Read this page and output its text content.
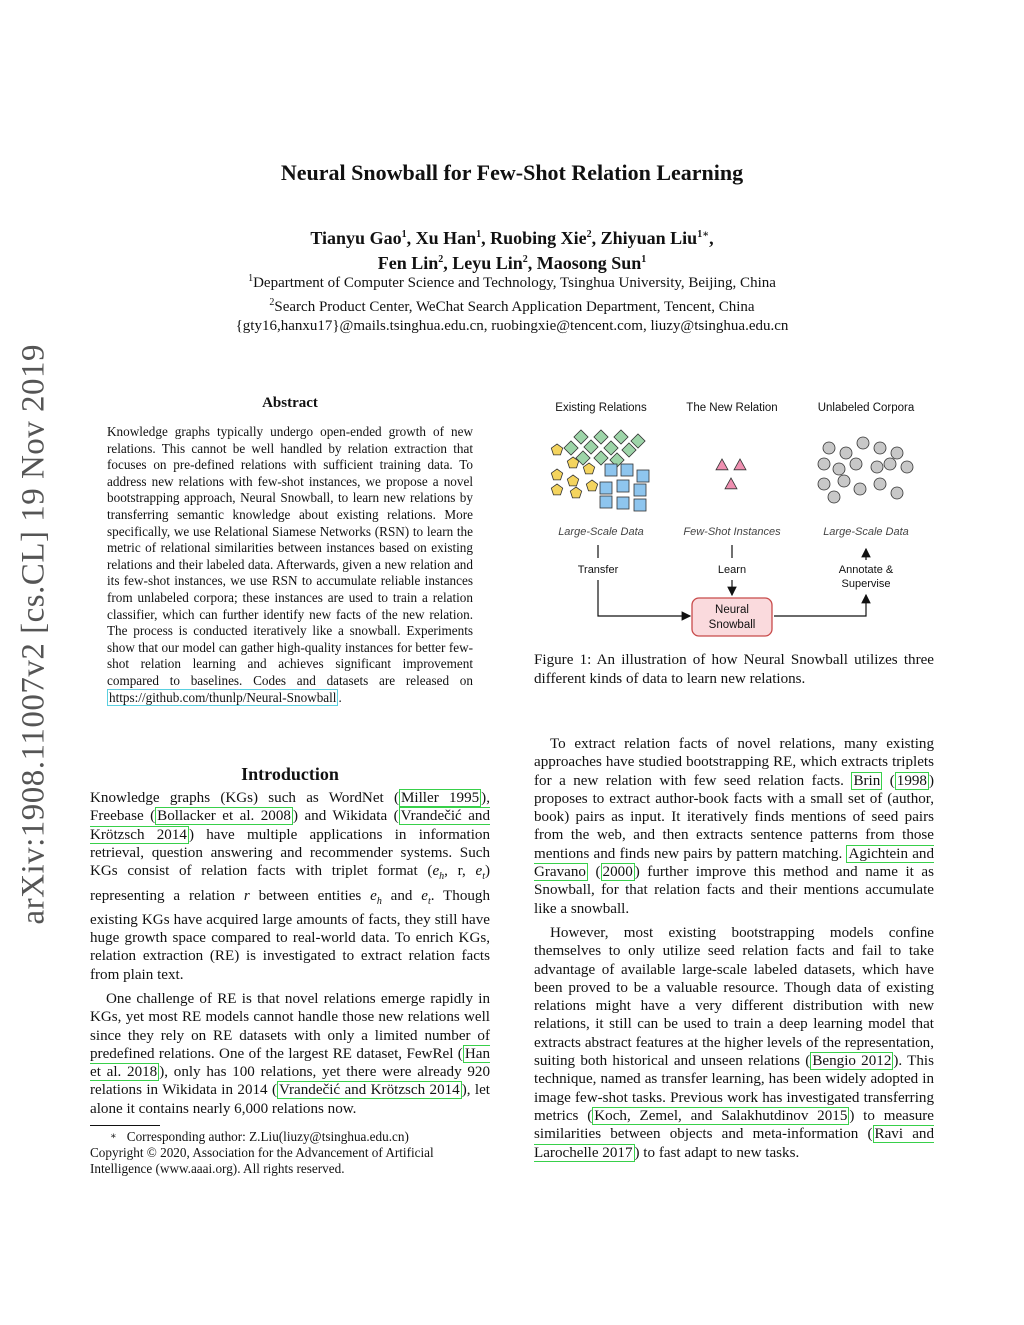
arXiv:1908.11007v2 [cs.CL] 19 Nov 2019
Neural Snowball for Few-Shot Relation Learning
Tianyu Gao$^1$, Xu Han$^1$, Ruobing Xie$^2$, Zhiyuan Liu$^{1∗}$,
Fen Lin$^2$, Leyu Lin$^2$, Maosong Sun$^1$
$^1$Department of Computer Science and Technology, Tsinghua University, Beijing, China
$^2$Search Product Center, WeChat Search Application Department, Tencent, China
{gty16,hanxu17}@mails.tsinghua.edu.cn, ruobingxie@tencent.com, liuzy@tsinghua.edu.cn
Abstract
Knowledge graphs typically undergo open-ended growth of new relations. This cannot be well handled by relation extraction that focuses on pre-defined relations with sufficient training data. To address new relations with few-shot instances, we propose a novel bootstrapping approach, Neural Snowball, to learn new relations by transferring semantic knowledge about existing relations. More specifically, we use Relational Siamese Networks (RSN) to learn the metric of relational similarities between instances based on existing relations and their labeled data. Afterwards, given a new relation and its few-shot instances, we use RSN to accumulate reliable instances from unlabeled corpora; these instances are used to train a relation classifier, which can further identify new facts of the new relation. The process is conducted iteratively like a snowball. Experiments show that our model can gather high-quality instances for better few-shot relation learning and achieves significant improvement compared to baselines. Codes and datasets are released on https://github.com/thunlp/Neural-Snowball .
Introduction

Knowledge graphs (KGs) such as WordNet ( Miller 1995 ), Freebase ( Bollacker et al. 2008 ) and Wikidata ( Vrandečić and Krötzsch 2014 ) have multiple applications in information retrieval, question answering and recommender systems. Such KGs consist of relation facts with triplet format ($e_h$, r, $e_t$) representing a relation r between entities $e_h$ and $e_t$. Though existing KGs have acquired large amounts of facts, they still have huge growth space compared to real-world data. To enrich KGs, relation extraction (RE) is investigated to extract relation facts from plain text.

One challenge of RE is that novel relations emerge rapidly in KGs, yet most RE models cannot handle those new relations well since they rely on RE datasets with only a limited number of predefined relations. One of the largest RE dataset, FewRel ( Han et al. 2018 ), only has 100 relations, yet there were already 920 relations in Wikidata in 2014 ( Vrandečić and Krötzsch 2014 ), let alone it contains nearly 6,000 relations now.

∗ Corresponding author: Z.Liu(liuzy@tsinghua.edu.cn)
Copyright © 2020, Association for the Advancement of Artificial Intelligence (www.aaai.org). All rights reserved.
Existing Relations	The New Relation	Unlabeled Corpora
Large-Scale Data	Few-Shot Instances	Large-Scale Data
Transfer	Learn	Annotate &
Supervise
Neural
Snowball
Figure 1: An illustration of how Neural Snowball utilizes three different kinds of data to learn new relations.

To extract relation facts of novel relations, many existing approaches have studied bootstrapping RE, which extracts triplets for a new relation with few seed relation facts. Brin ( 1998 ) proposes to extract author-book facts with a small set of (author, book) pairs as input. It iteratively finds mentions of seed pairs from the web, and then extracts sentence patterns from those mentions and finds new pairs by pattern matching. Agichtein and Gravano ( 2000 ) further improve this method and name it as Snowball, for that relation facts and their mentions accumulate like a snowball.

However, most existing bootstrapping models confine themselves to only utilize seed relation facts and fail to take advantage of available large-scale labeled datasets, which have been proved to be a valuable resource. Though data of existing relations might have a very different distribution with new relations, it still can be used to train a deep learning model that extracts abstract features at the higher levels of the representation, suiting both historical and unseen relations ( Bengio 2012 ). This technique, named as transfer learning, has been widely adopted in image few-shot tasks. Previous work has investigated transferring metrics ( Koch, Zemel, and Salakhutdinov 2015 ) to measure similarities between objects and meta-information ( Ravi and Larochelle 2017 ) to fast adapt to new tasks.
